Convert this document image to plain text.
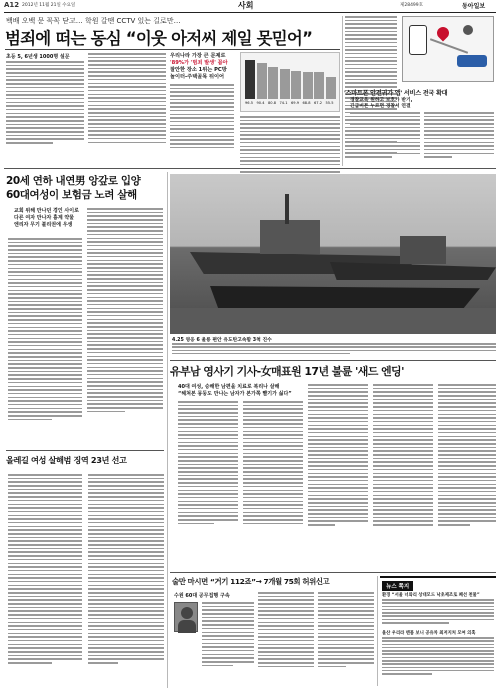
A12 2012년 11월 21일 수요일	사회	제28499호	동아일보
백배 오백 문 꼭꼭 닫고… 학원 갈땐 CCTV 있는 길로만…
범죄에 떠는 동심 “이웃 아저씨 제일 못믿어”
초등 5, 6년생 1000명 설문	우리나라 가장 큰 문제로
'89%가 '범죄 발생' 꼽아
잘안한 장소 1위는 PC방
놀이터-주택골목 뒤이어
96.5 90.4 80.8 74.1 69.9 68.8 67.2 55.5
'스마트폰 안전귀가 앱' 서비스 전국 확대
경찰교육 원하고 보호가 받기,
긴급버튼 누르면 경찰서 연결
20세 연하 내연男 앙갚로 입양
60대여성이 보험금 노려 살해
교회 위해 만나던 경인 사이로
다른 여자 만나자 흉계 약물
엔리자 무기 불리권에 우생
4.25 영웅 6 울릉 편안 유도탄고속함 3척 진수
유부남 영사기 기사-女매표원 17년 불륜 '새드 엔딩'
40대 여성, 승해한 남편을 치료로 복리나 살해
“헤쳐본 몽둥도 만나는 남자가 본가쪽 빨기가 싫다”
올레길 여성 살해범 징역 23년 선고
술만 마시면 “거기 112죠”→ 7개월 75회 허위신고
수원 60대 공무집행 구속
뉴스 쪽지
환경 “서울 너와리 상대모드 낙초제조로 폐선 천물”
울산 우리라 맨몸 보니 공유차 최저지처 모여 의혹
